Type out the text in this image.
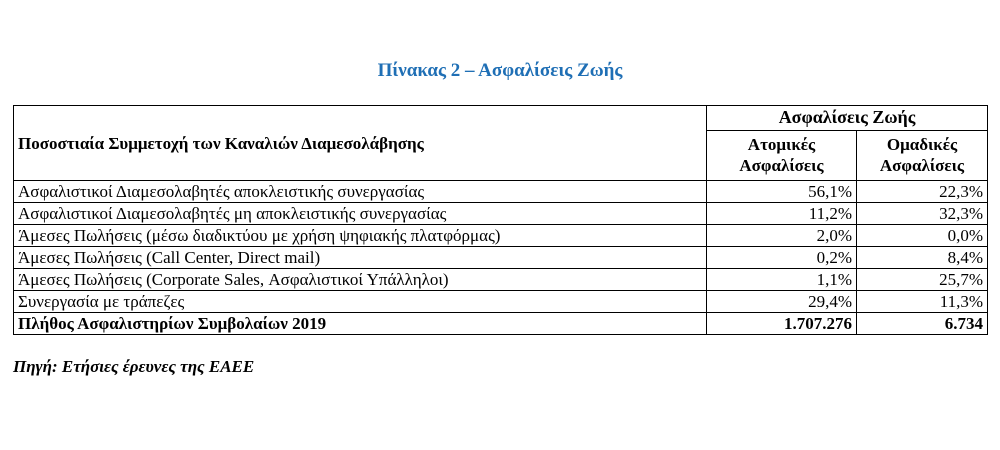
Πίνακας 2 – Ασφαλίσεις Ζωής
Ποσοστιαία Συμμετοχή των Καναλιών Διαμεσολάβησης	Ασφαλίσεις Ζωής	
	Ατομικές Ασφαλίσεις	Ομαδικές Ασφαλίσεις
Ασφαλιστικοί Διαμεσολαβητές αποκλειστικής συνεργασίας	56,1%	22,3%
Ασφαλιστικοί Διαμεσολαβητές μη αποκλειστικής συνεργασίας	11,2%	32,3%
Άμεσες Πωλήσεις (μέσω διαδικτύου με χρήση ψηφιακής πλατφόρμας)	2,0%	0,0%
Άμεσες Πωλήσεις (Call Center, Direct mail)	0,2%	8,4%
Άμεσες Πωλήσεις (Corporate Sales, Ασφαλιστικοί Υπάλληλοι)	1,1%	25,7%
Συνεργασία με τράπεζες	29,4%	11,3%
Πλήθος Ασφαλιστηρίων Συμβολαίων 2019	1.707.276	6.734
Πηγή: Ετήσιες έρευνες της ΕΑΕΕ
